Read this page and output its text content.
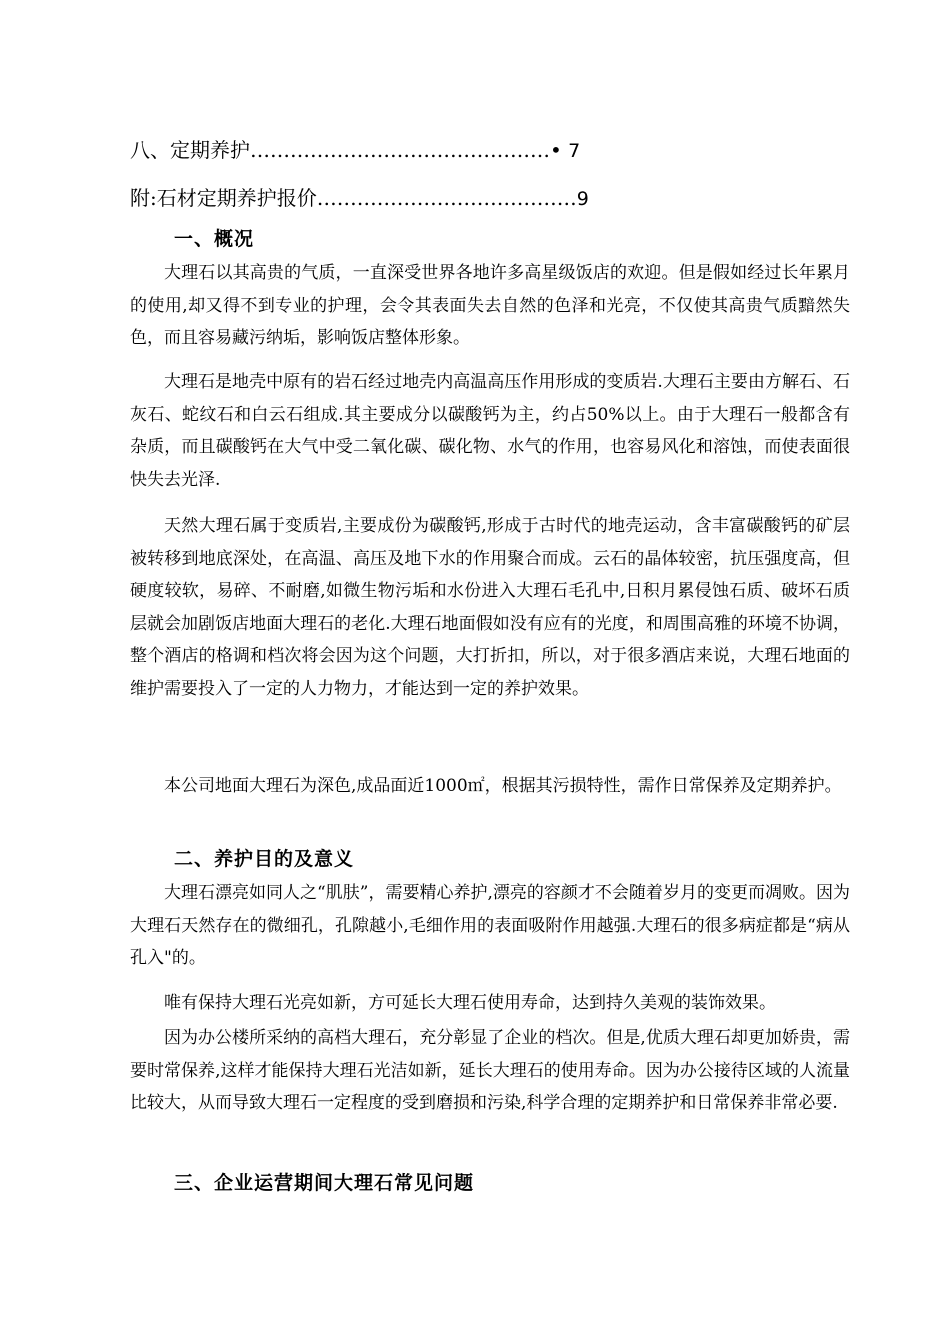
八、定期养护………………………………………• 7
附:石材定期养护报价…………………………………9
一、概况
大理石以其高贵的气质，一直深受世界各地许多高星级饭店的欢迎。但是假如经过长年累月的使用,却又得不到专业的护理，会令其表面失去自然的色泽和光亮，不仅使其高贵气质黯然失色，而且容易藏污纳垢，影响饭店整体形象。
大理石是地壳中原有的岩石经过地壳内高温高压作用形成的变质岩.大理石主要由方解石、石灰石、蛇纹石和白云石组成.其主要成分以碳酸钙为主，约占50%以上。由于大理石一般都含有杂质，而且碳酸钙在大气中受二氧化碳、碳化物、水气的作用，也容易风化和溶蚀，而使表面很快失去光泽.
天然大理石属于变质岩,主要成份为碳酸钙,形成于古时代的地壳运动，含丰富碳酸钙的矿层被转移到地底深处，在高温、高压及地下水的作用聚合而成。云石的晶体较密，抗压强度高，但硬度较软，易碎、不耐磨,如微生物污垢和水份进入大理石毛孔中,日积月累侵蚀石质、破坏石质层就会加剧饭店地面大理石的老化.大理石地面假如没有应有的光度，和周围高雅的环境不协调，整个酒店的格调和档次将会因为这个问题，大打折扣，所以，对于很多酒店来说，大理石地面的维护需要投入了一定的人力物力，才能达到一定的养护效果。
本公司地面大理石为深色,成品面近1000㎡，根据其污损特性，需作日常保养及定期养护。
二、养护目的及意义
大理石漂亮如同人之“肌肤”，需要精心养护,漂亮的容颜才不会随着岁月的变更而凋败。因为大理石天然存在的微细孔，孔隙越小,毛细作用的表面吸附作用越强.大理石的很多病症都是“病从孔入"的。
唯有保持大理石光亮如新，方可延长大理石使用寿命，达到持久美观的装饰效果。
因为办公楼所采纳的高档大理石，充分彰显了企业的档次。但是,优质大理石却更加娇贵，需要时常保养,这样才能保持大理石光洁如新，延长大理石的使用寿命。因为办公接待区域的人流量比较大，从而导致大理石一定程度的受到磨损和污染,科学合理的定期养护和日常保养非常必要.
三、企业运营期间大理石常见问题
